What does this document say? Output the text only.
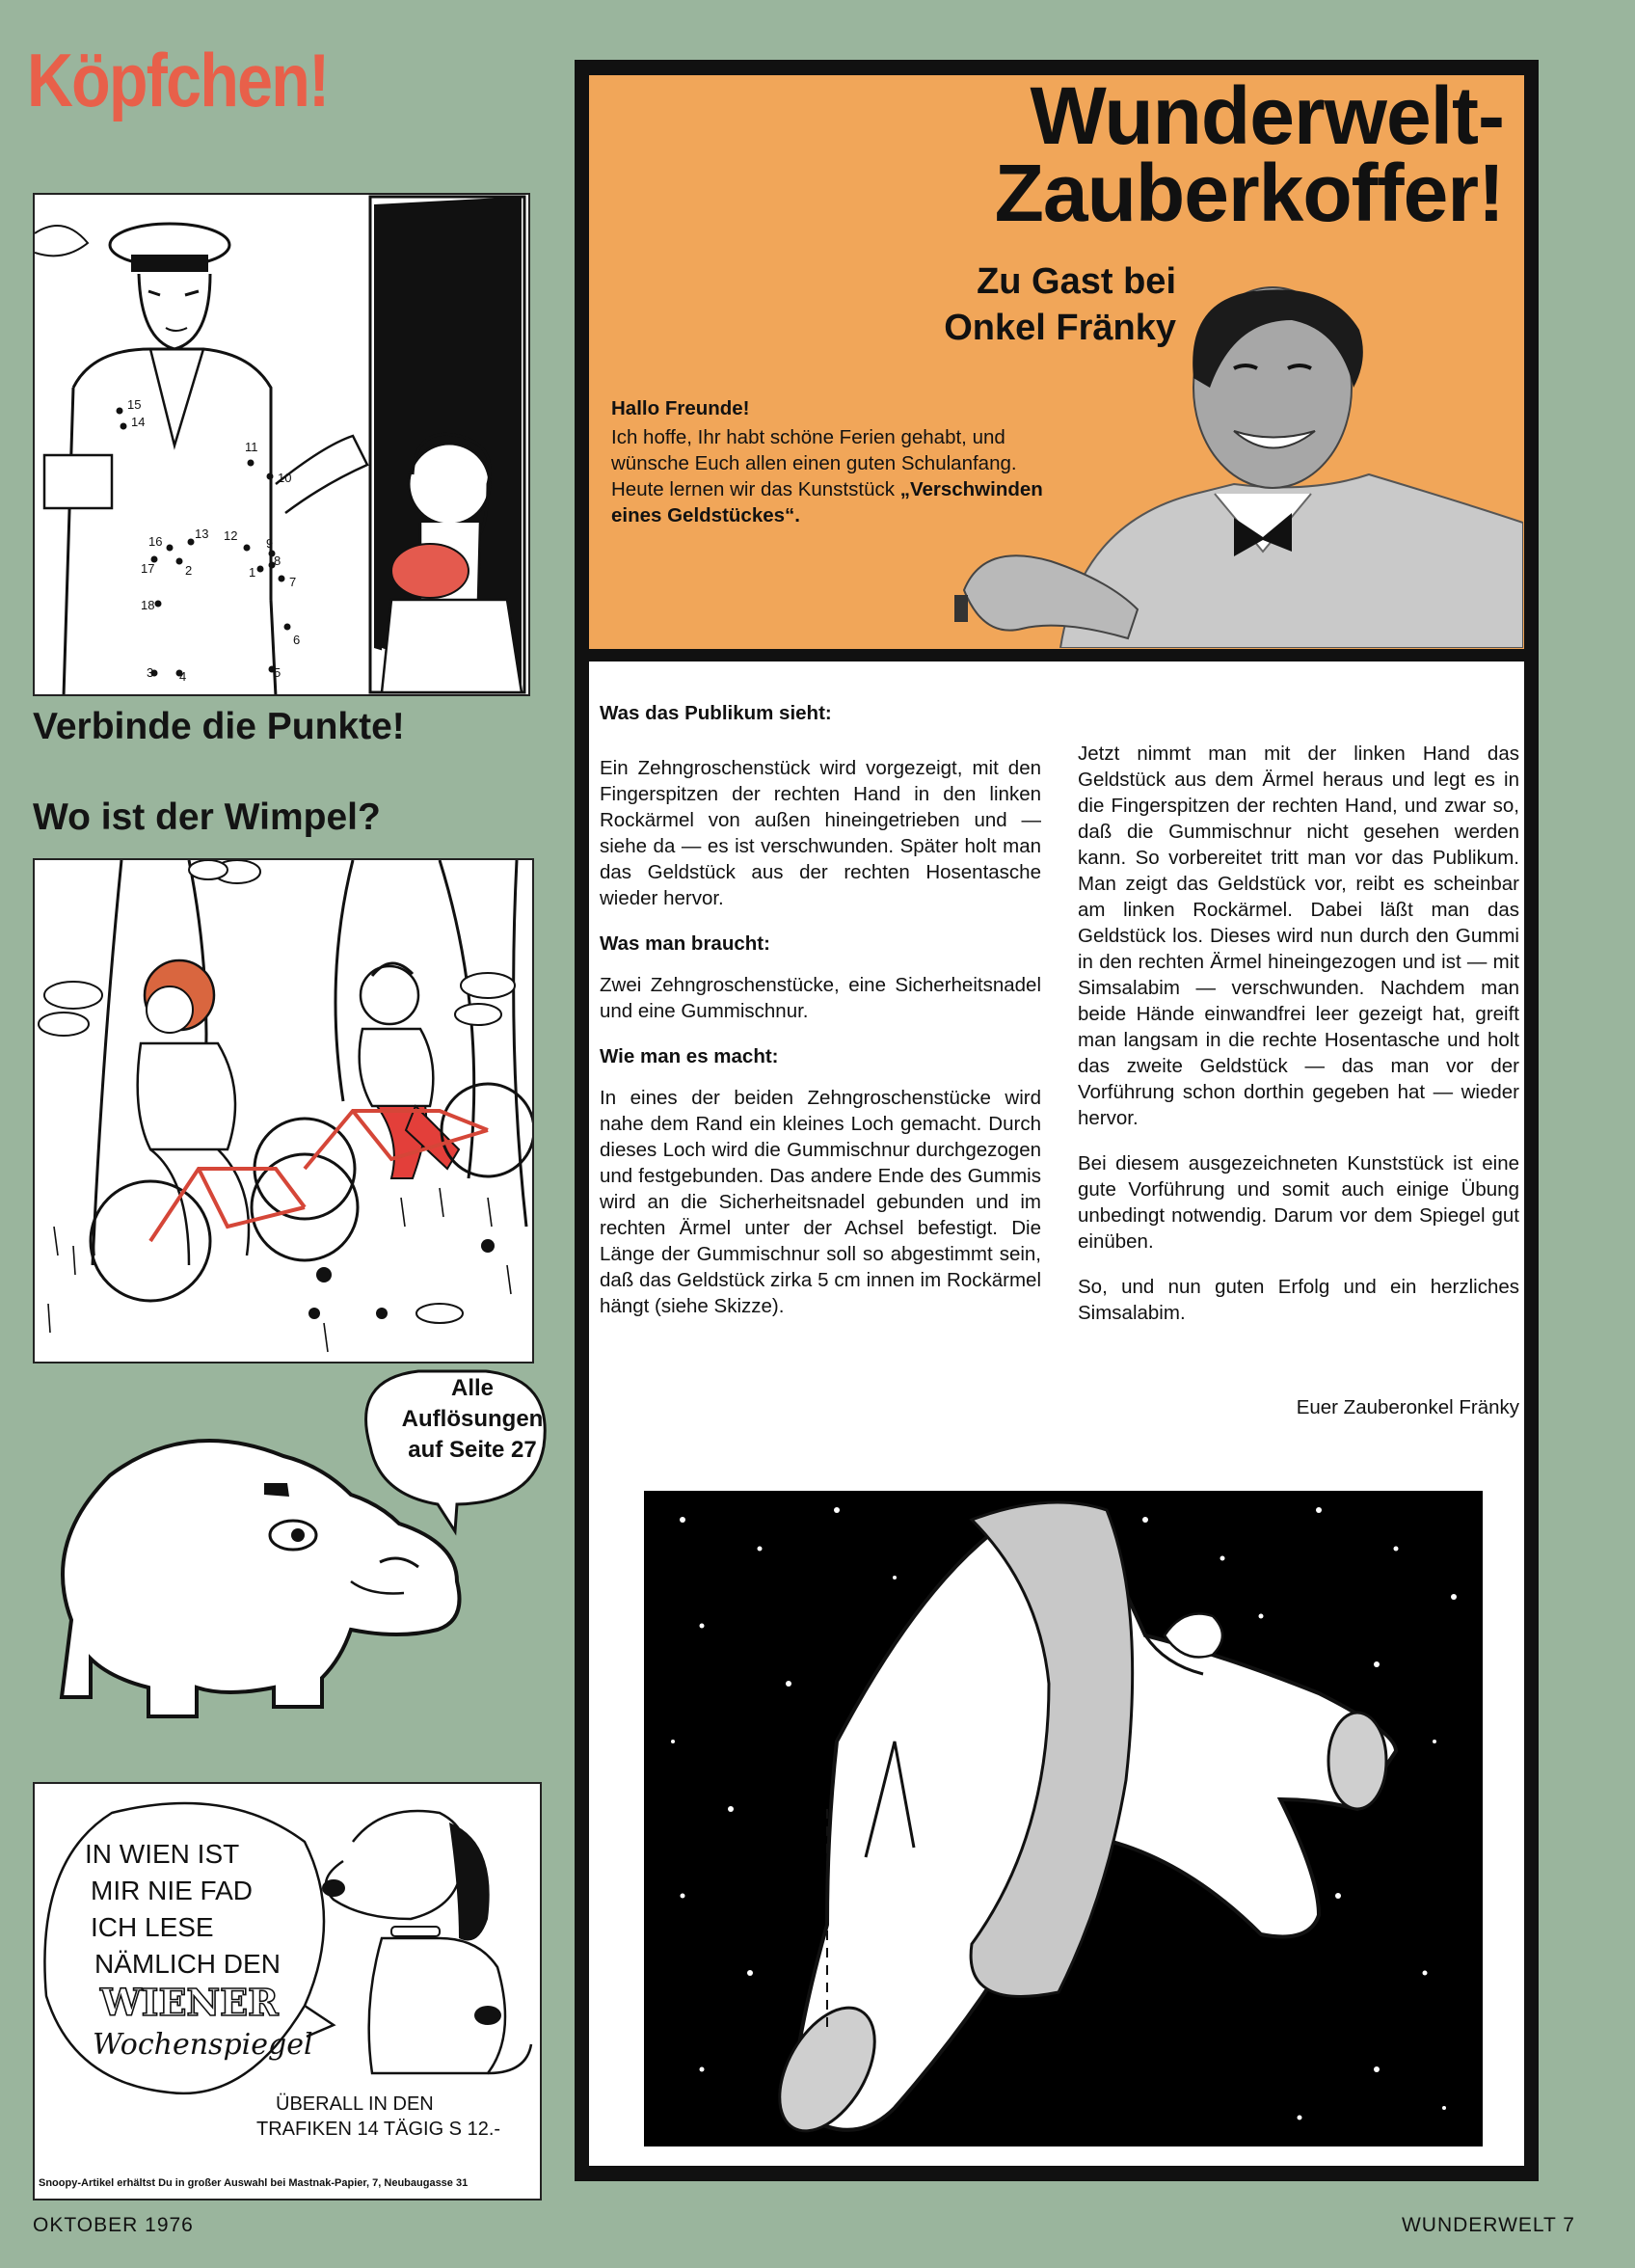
Köpfchen!
15
14
11
10
16
13 12
9
17 2	1
8
7
18
6
3 4	5
Verbinde die Punkte!
Wo ist der Wimpel?
Alle
Auflösungen
auf Seite 27
IN WIEN IST
MIR NIE FAD
ICH LESE
NÄMLICH DEN
WIENER
Wochenspiegel
ÜBERALL IN DEN
TRAFIKEN 14 TÄGIG S 12.-
Snoopy-Artikel erhältst Du in großer Auswahl bei Mastnak-Papier, 7, Neubaugasse 31
Wunderwelt-
Zauberkoffer!
Zu Gast bei
Onkel Fränky
Hallo Freunde!
Ich hoffe, Ihr habt schöne Ferien gehabt, und wünsche Euch allen einen guten Schulanfang. Heute lernen wir das Kunststück „Verschwinden eines Geldstückes“.
Was das Publikum sieht:

Ein Zehngroschenstück wird vorgezeigt, mit den Fingerspitzen der rechten Hand in den linken Rockärmel von außen hineingetrieben und — siehe da — es ist verschwunden. Später holt man das Geldstück aus der rechten Hosentasche wieder hervor.

Was man braucht:

Zwei Zehngroschenstücke, eine Sicherheitsnadel und eine Gummischnur.

Wie man es macht:

In eines der beiden Zehngroschenstücke wird nahe dem Rand ein kleines Loch gemacht. Durch dieses Loch wird die Gummischnur durchgezogen und festgebunden. Das andere Ende des Gummis wird an die Sicherheitsnadel gebunden und im rechten Ärmel unter der Achsel befestigt. Die Länge der Gummischnur soll so abgestimmt sein, daß das Geldstück zirka 5 cm innen im Rockärmel hängt (siehe Skizze).

Jetzt nimmt man mit der linken Hand das Geldstück aus dem Ärmel heraus und legt es in die Fingerspitzen der rechten Hand, und zwar so, daß die Gummischnur nicht gesehen werden kann. So vorbereitet tritt man vor das Publikum. Man zeigt das Geldstück vor, reibt es scheinbar am linken Rockärmel. Dabei läßt man das Geldstück los. Dieses wird nun durch den Gummi in den rechten Ärmel hineingezogen und ist — mit Simsalabim — verschwunden. Nachdem man beide Hände einwandfrei leer gezeigt hat, greift man langsam in die rechte Hosentasche und holt das zweite Geldstück — das man vor der Vorführung schon dorthin gegeben hat — wieder hervor.

Bei diesem ausgezeichneten Kunststück ist eine gute Vorführung und somit auch einige Übung unbedingt notwendig. Darum vor dem Spiegel gut einüben.

So, und nun guten Erfolg und ein herzliches Simsalabim.

Euer Zauberonkel Fränky
OKTOBER 1976	WUNDERWELT 7
